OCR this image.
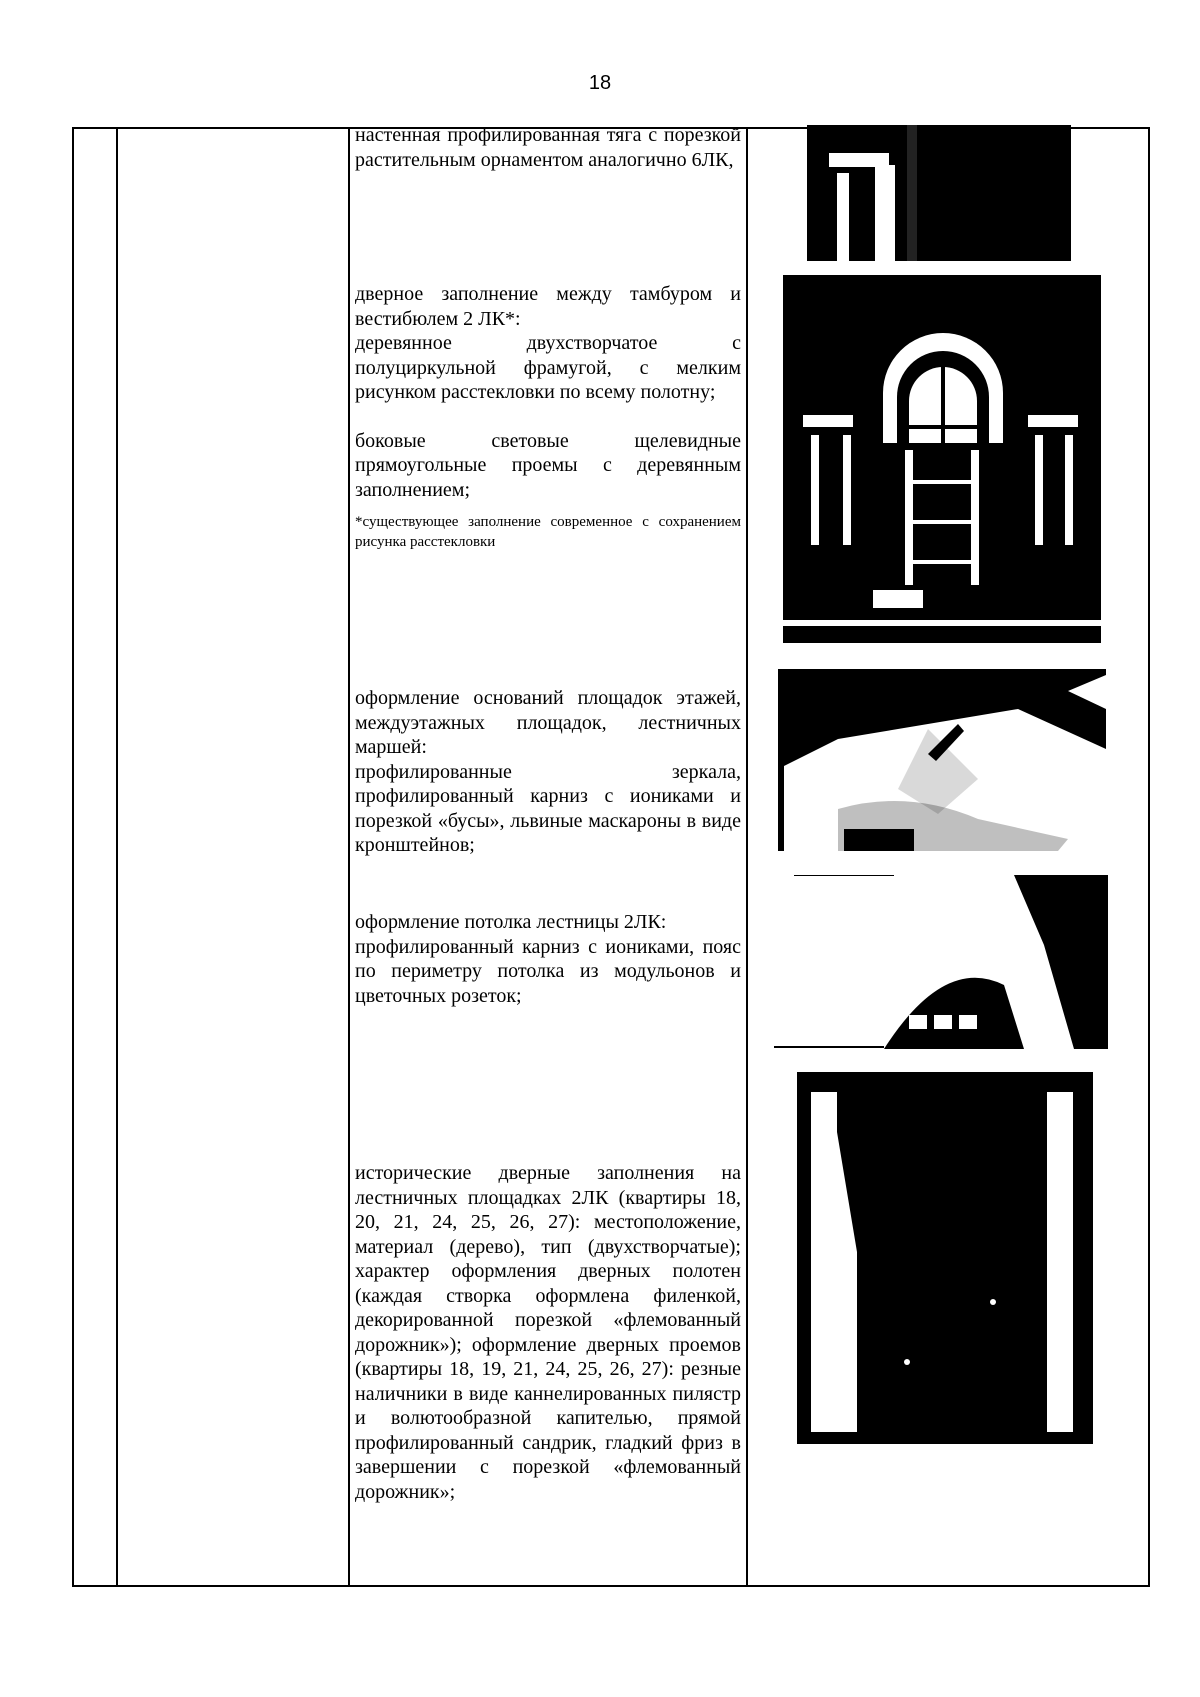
18

настенная профилированная тяга с порезкой растительным орнаментом аналогично 6ЛК,

дверное заполнение между тамбуром и вестибюлем 2 ЛК*:

деревянное двухстворчатое с полуциркульной фрамугой, с мелким рисунком расстекловки по всему полотну;

боковые световые щелевидные прямоугольные проемы с деревянным заполнением;

*существующее заполнение современное с сохранением рисунка расстекловки

оформление оснований площадок этажей, междуэтажных площадок, лестничных маршей:

профилированные зеркала, профилированный карниз с иониками и порезкой «бусы», львиные маскароны в виде кронштейнов;

оформление потолка лестницы 2ЛК:

профилированный карниз с иониками, пояс по периметру потолка из модульонов и цветочных розеток;

исторические дверные заполнения на лестничных площадках 2ЛК (квартиры 18, 20, 21, 24, 25, 26, 27): местоположение, материал (дерево), тип (двухстворчатые); характер оформления дверных полотен (каждая створка оформлена филенкой, декорированной порезкой «флемованный дорожник»); оформление дверных проемов (квартиры 18, 19, 21, 24, 25, 26, 27): резные наличники в виде каннелированных пилястр и волютообразной капителью, прямой профилированный сандрик, гладкий фриз в завершении с порезкой «флемованный дорожник»;
